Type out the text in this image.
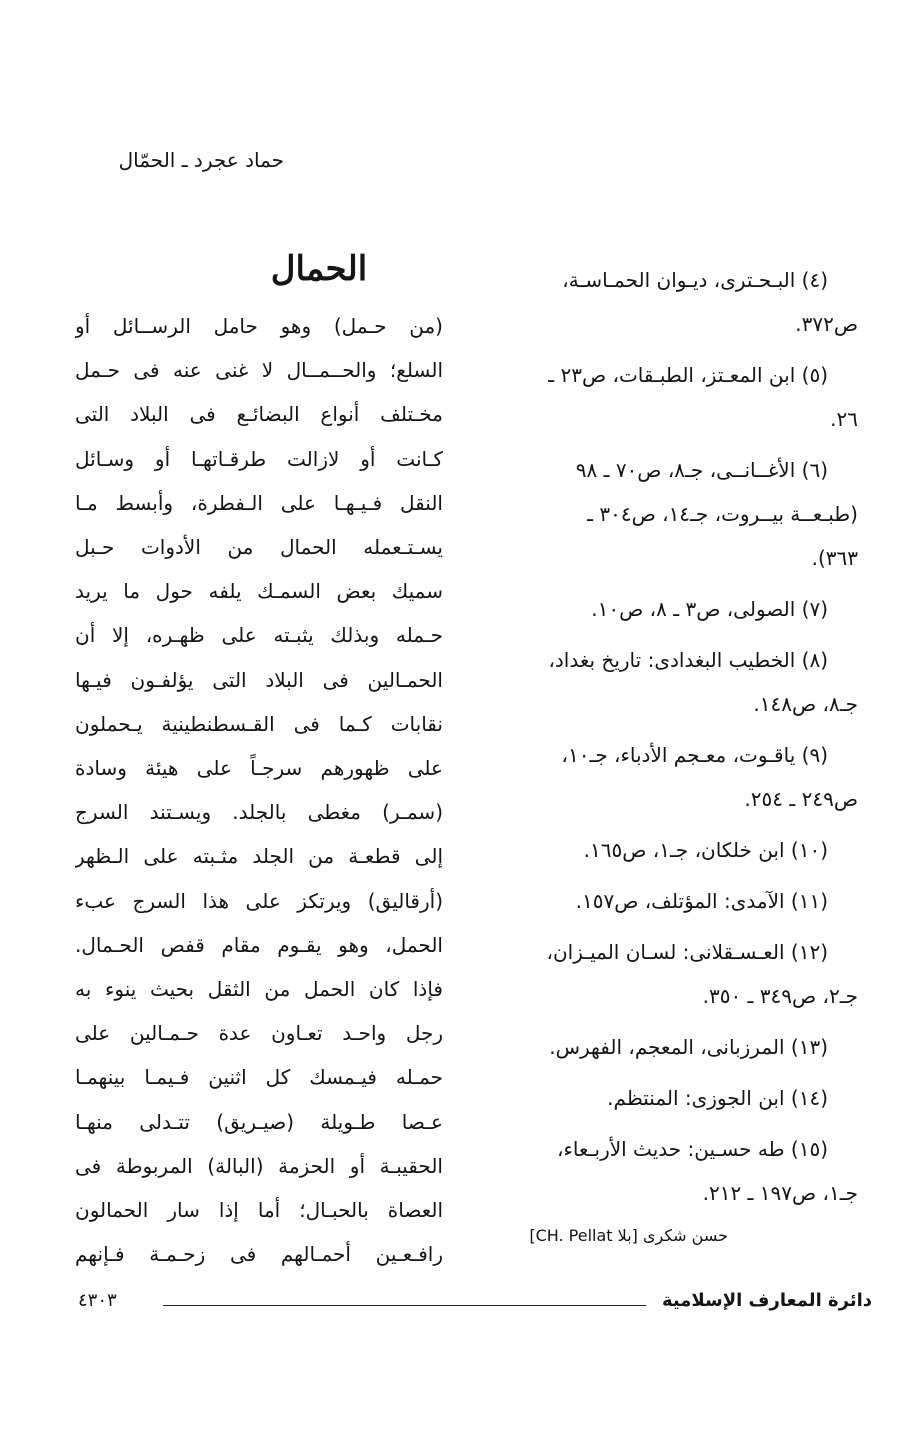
حماد عجرد ـ الحمّال
الحمال
(من حـمل) وهو حامل الرســائل أو
السلع؛ والحــمــال لا غنى عنه فى حـمل
مخـتلف أنواع البضائـع فى البلاد التى
كـانت أو لازالت طرقـاتهـا أو وسـائل
النقل فـيـهـا على الـفطرة، وأبسط مـا
يسـتـعمله الحمال من الأدوات حـبل
سميك بعض السمـك يلفه حول ما يريد
حـمله وبذلك يثبـته على ظهـره، إلا أن
الحمـالين فى البلاد التى يؤلفـون فيـها
نقابات كـما فى القـسطنطينية يـحملون
على ظهورهم سرجـاً على هيئة وسادة
(سمـر) مغطى بالجلد. ويسـتند السرج
إلى قطعـة من الجلد مثـبته على الـظهر
(أرقاليق) ويرتكز على هذا السرج عبء
الحمل، وهو يقـوم مقام قفص الحـمال.
فإذا كان الحمل من الثقل بحيث ينوء به
رجل واحـد تعـاون عدة حـمـالين على
حمـله فيـمسك كل اثنين فـيمـا بينهمـا
عـصا طـويلة (صيـريق) تتـدلى منهـا
الحقيبـة أو الحزمة (البالة) المربوطة فى
العصاة بالحبـال؛ أما إذا سار الحمالون
رافـعـين أحمـالهم فى زحـمـة فـإنهم
(٤) البـحـترى، ديـوان الحمـاسـة،
ص٣٧٢.
(٥) ابن المعـتز، الطبـقات، ص٢٣ ـ
٢٦.
(٦) الأغــانــى، جـ٨، ص٧٠ ـ ٩٨
(طبـعــة بيــروت، جـ١٤، ص٣٠٤ ـ
٣٦٣).
(٧) الصولى، ص٣ ـ ٨، ص١٠.
(٨) الخطيب البغدادى: تاريخ بغداد،
جـ٨، ص١٤٨.
(٩) ياقـوت، معـجم الأدباء، جـ١٠،
ص٢٤٩ ـ ٢٥٤.
(١٠) ابن خلكان، جـ١، ص١٦٥.
(١١) الآمدى: المؤتلف، ص١٥٧.
(١٢) العـسـقلانى: لسـان الميـزان،
جـ٢، ص٣٤٩ ـ ٣٥٠.
(١٣) المرزبانى، المعجم، الفهرس.
(١٤) ابن الجوزى: المنتظم.
(١٥) طه حسـين: حديث الأربـعاء،
جـ١، ص١٩٧ ـ ٢١٢.
حسن شكرى [بلا CH. Pellat]
دائرة المعارف الإسلامية
٤٣٠٣
